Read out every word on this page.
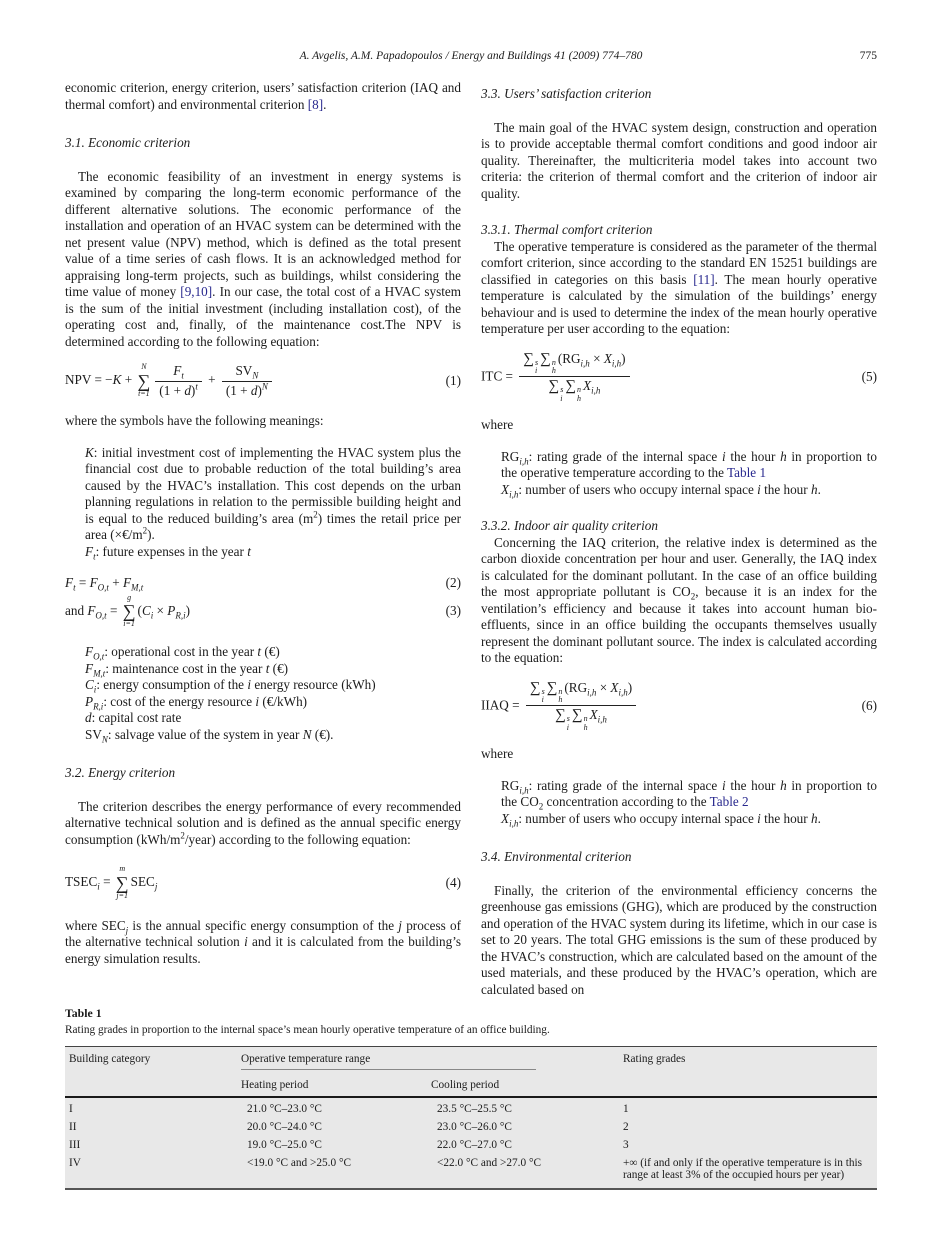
A. Avgelis, A.M. Papadopoulos / Energy and Buildings 41 (2009) 774–780	775

economic criterion, energy criterion, users’ satisfaction criterion (IAQ and thermal comfort) and environmental criterion [8].

3.1. Economic criterion

The economic feasibility of an investment in energy systems is examined by comparing the long-term economic performance of the different alternative solutions. The economic performance of the installation and operation of an HVAC system can be determined with the net present value (NPV) method, which is defined as the total present value of a time series of cash flows. It is an acknowledged method for appraising long-term projects, such as buildings, whilst considering the time value of money [9,10]. In our case, the total cost of a HVAC system is the sum of the initial investment (including installation cost), of the operating cost and, finally, of the maintenance cost.The NPV is determined according to the following equation:

NPV = −K +
N
∑
$t=1 \frac{F_t}{(1 + d)^t} + \frac{SV_N}{(1 + d)^N}$	(1)

where the symbols have the following meanings:

K: initial investment cost of implementing the HVAC system plus the financial cost due to probable reduction of the total building’s area caused by the HVAC’s installation. This cost depends on the urban planning regulations in relation to the permissible building height and is equal to the reduced building’s area $(m^2)$ times the retail price per area $(\times€/m^2)$.

$F_t$: future expenses in the year t

$F_t = F_{O,t} + F_{M,t}$	(2)
and $F_{O,t}$ =
g
∑
i=1
$(C_i \times P_{R,i})$	(3)

$F_{O,t}$: operational cost in the year t (€)

$F_{M,t}$: maintenance cost in the year t (€)

$C_i$: energy consumption of the i energy resource (kWh)

$P_{R,i}$: cost of the energy resource i (€/kWh)

d: capital cost rate

$SV_N$: salvage value of the system in year N (€).

3.2. Energy criterion

The criterion describes the energy performance of every recommended alternative technical solution and is defined as the annual specific energy consumption $(kWh/m^2/year)$ according to the following equation:

$TSEC_i$ =
m
∑
j=1
$SEC_j$	(4)

where $SEC_j$ is the annual specific energy consumption of the j process of the alternative technical solution i and it is calculated from the building’s energy simulation results.

3.3. Users’ satisfaction criterion

The main goal of the HVAC system design, construction and operation is to provide acceptable thermal comfort conditions and good indoor air quality. Thereinafter, the multicriteria model takes into account two criteria: the criterion of thermal comfort and the criterion of indoor air quality.

3.3.1. Thermal comfort criterion

The operative temperature is considered as the parameter of the thermal comfort criterion, since according to the standard EN 15251 buildings are classified in categories on this basis [11]. The mean hourly operative temperature is calculated by the simulation of the buildings’ energy behaviour and is used to determine the index of the mean hourly operative temperature per user according to the equation:

ITC = ∑ s
i
∑ n
h
$(RG_{i,h} \times X_{i,h})$
∑ s
i
∑ n
h
$X_{i,h}$	(5)

where

$RG_{i,h}$: rating grade of the internal space i the hour h in proportion to the operative temperature according to the Table 1

$X_{i,h}$: number of users who occupy internal space i the hour h.

3.3.2. Indoor air quality criterion

Concerning the IAQ criterion, the relative index is determined as the carbon dioxide concentration per hour and user. Generally, the IAQ index is calculated for the dominant pollutant. In the case of an office building the most appropriate pollutant is $CO_2$, because it is an index for the ventilation’s efficiency and because it takes into account human bio-effluents, since in an office building the occupants themselves usually represent the dominant pollutant source. The index is calculated according to the equation:

IIAQ = ∑ s
i
∑ n
h
$(RG_{i,h} \times X_{i,h})$
∑ s
i
∑ n
h
$X_{i,h}$	(6)

where

$RG_{i,h}$: rating grade of the internal space i the hour h in proportion to the $CO_2$ concentration according to the Table 2

$X_{i,h}$: number of users who occupy internal space i the hour h.

3.4. Environmental criterion

Finally, the criterion of the environmental efficiency concerns the greenhouse gas emissions (GHG), which are produced by the construction and operation of the HVAC system during its lifetime, which in our case is set to 20 years. The total GHG emissions is the sum of these produced by the HVAC’s construction, which are calculated based on the amount of the used materials, and these produced by the HVAC’s operation, which are calculated based on

Table 1
Rating grades in proportion to the internal space’s mean hourly operative temperature of an office building.
Building category	Operative temperature range		Rating grades
	Heating period	Cooling period	
I	21.0 °C–23.0 °C	23.5 °C–25.5 °C	1
II	20.0 °C–24.0 °C	23.0 °C–26.0 °C	2
III	19.0 °C–25.0 °C	22.0 °C–27.0 °C	3
IV	<19.0 °C and >25.0 °C	<22.0 °C and >27.0 °C	+∞ (if and only if the operative temperature is in this range at least 3% of the occupied hours per year)
